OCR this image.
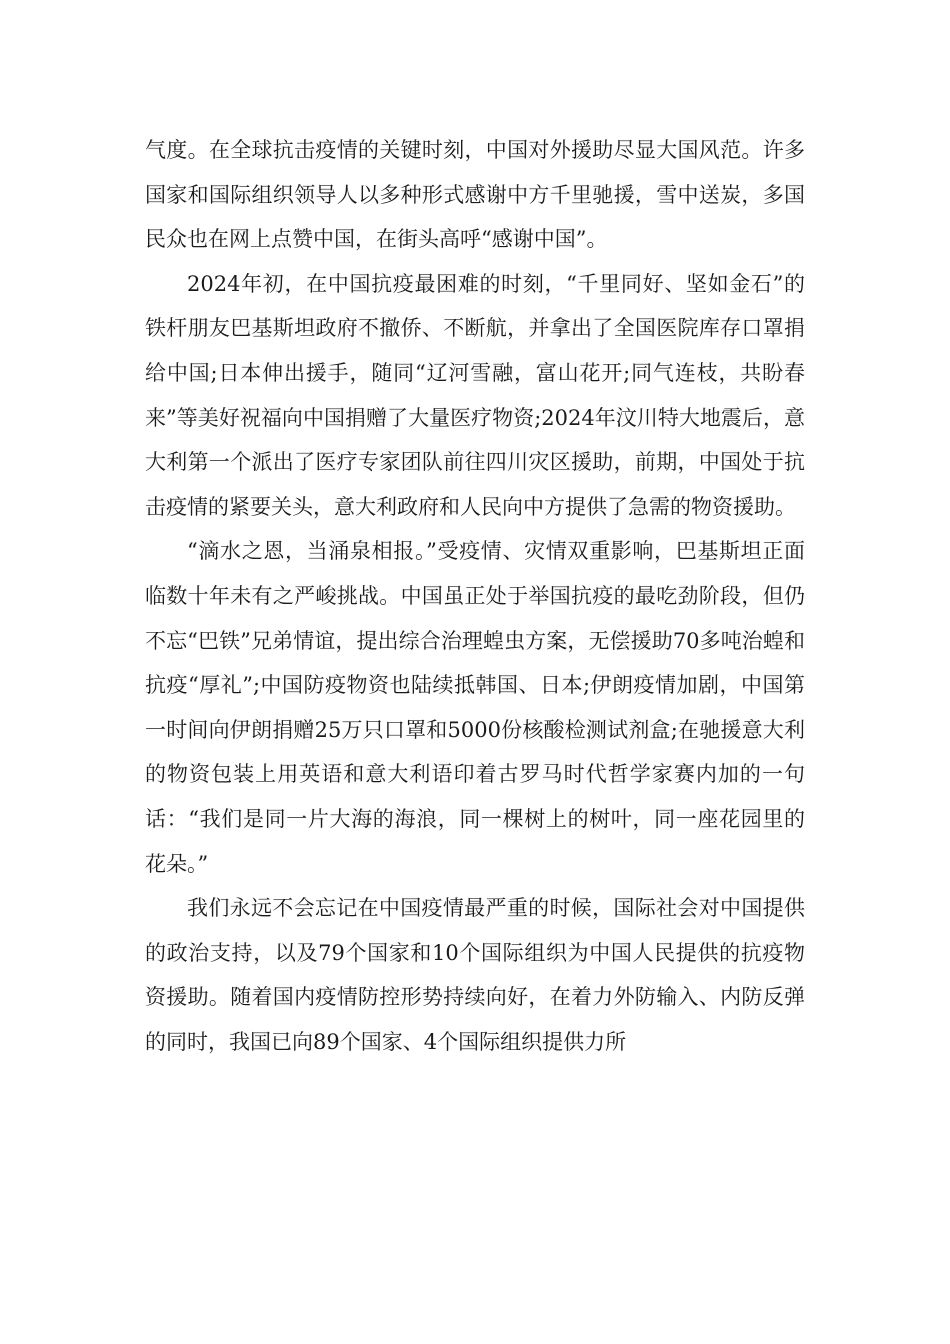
气度。在全球抗击疫情的关键时刻，中国对外援助尽显大国风范。许多国家和国际组织领导人以多种形式感谢中方千里驰援，雪中送炭，多国民众也在网上点赞中国，在街头高呼“感谢中国”。

2024年初，在中国抗疫最困难的时刻，“千里同好、坚如金石”的铁杆朋友巴基斯坦政府不撤侨、不断航，并拿出了全国医院库存口罩捐给中国;日本伸出援手，随同“辽河雪融，富山花开;同气连枝，共盼春来”等美好祝福向中国捐赠了大量医疗物资;2024年汶川特大地震后，意大利第一个派出了医疗专家团队前往四川灾区援助，前期，中国处于抗击疫情的紧要关头，意大利政府和人民向中方提供了急需的物资援助。

“滴水之恩，当涌泉相报。”受疫情、灾情双重影响，巴基斯坦正面临数十年未有之严峻挑战。中国虽正处于举国抗疫的最吃劲阶段，但仍不忘“巴铁”兄弟情谊，提出综合治理蝗虫方案，无偿援助70多吨治蝗和抗疫“厚礼”;中国防疫物资也陆续抵韩国、日本;伊朗疫情加剧，中国第一时间向伊朗捐赠25万只口罩和5000份核酸检测试剂盒;在驰援意大利的物资包装上用英语和意大利语印着古罗马时代哲学家赛内加的一句话：“我们是同一片大海的海浪，同一棵树上的树叶，同一座花园里的花朵。”

我们永远不会忘记在中国疫情最严重的时候，国际社会对中国提供的政治支持，以及79个国家和10个国际组织为中国人民提供的抗疫物资援助。随着国内疫情防控形势持续向好，在着力外防输入、内防反弹的同时，我国已向89个国家、4个国际组织提供力所
